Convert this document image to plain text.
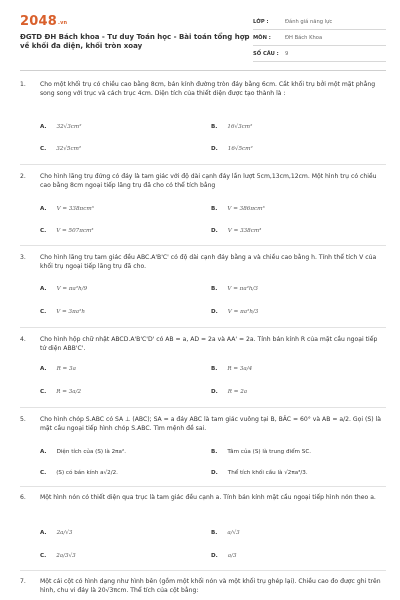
2048.vn
ĐGTD ĐH Bách khoa - Tư duy Toán học - Bài toán tổng hợp về khối đa diện, khối tròn xoay
LỚP :	Đánh giá năng lực
MÔN :	ĐH Bách Khoa
SỐ CÂU :	9
1. Cho một khối trụ có chiều cao bằng 8cm, bán kính đường tròn đáy bằng 6cm. Cắt khối trụ bởi một mặt phẳng song song với trục và cách trục 4cm. Diện tích của thiết diện được tạo thành là :
A. 32√3cm²	B. 16√3cm²
C. 32√5cm²	D. 16√5cm²
2. Cho hình lăng trụ đứng có đáy là tam giác với độ dài cạnh đáy lần lượt 5cm,13cm,12cm. Một hình trụ có chiều cao bằng 8cm ngoại tiếp lăng trụ đã cho có thể tích bằng
A. V = 338πcm³	B. V = 386πcm³
C. V = 507πcm³	D. V = 338cm³
3. Cho hình lăng trụ tam giác đều ABC.A'B'C' có độ dài cạnh đáy bằng a và chiều cao bằng h. Tính thể tích V của khối trụ ngoại tiếp lăng trụ đã cho.
A. V = πa²h/9	B. V = πa²h/3
C. V = 3πa²h	D. V = πa²h/3
4. Cho hình hộp chữ nhật ABCD.A'B'C'D' có AB = a, AD = 2a và AA' = 2a. Tính bán kính R của mặt cầu ngoại tiếp tứ diện ABB'C'.
A. R = 3a	B. R = 3a/4
C. R = 3a/2	D. R = 2a
5. Cho hình chóp S.ABC có SA ⊥ (ABC); SA = a đáy ABC là tam giác vuông tại B, BÂC = 60° và AB = a/2. Gọi (S) là mặt cầu ngoại tiếp hình chóp S.ABC. Tìm mệnh đề sai.
A. Diện tích của (S) là 2πa².	B. Tâm của (S) là trung điểm SC.
C. (S) có bán kính a√2/2.	D. Thể tích khối cầu là √2πa³/3.
6. Một hình nón có thiết diện qua trục là tam giác đều cạnh a. Tính bán kính mặt cầu ngoại tiếp hình nón theo a.
A. 2a/√3	B. a/√3
C. 2a/3√3	D. a/3
7. Một cái cột có hình dạng như hình bên (gồm một khối nón và một khối trụ ghép lại). Chiều cao đo được ghi trên hình, chu vi đáy là 20√3πcm. Thể tích của cột bằng:
